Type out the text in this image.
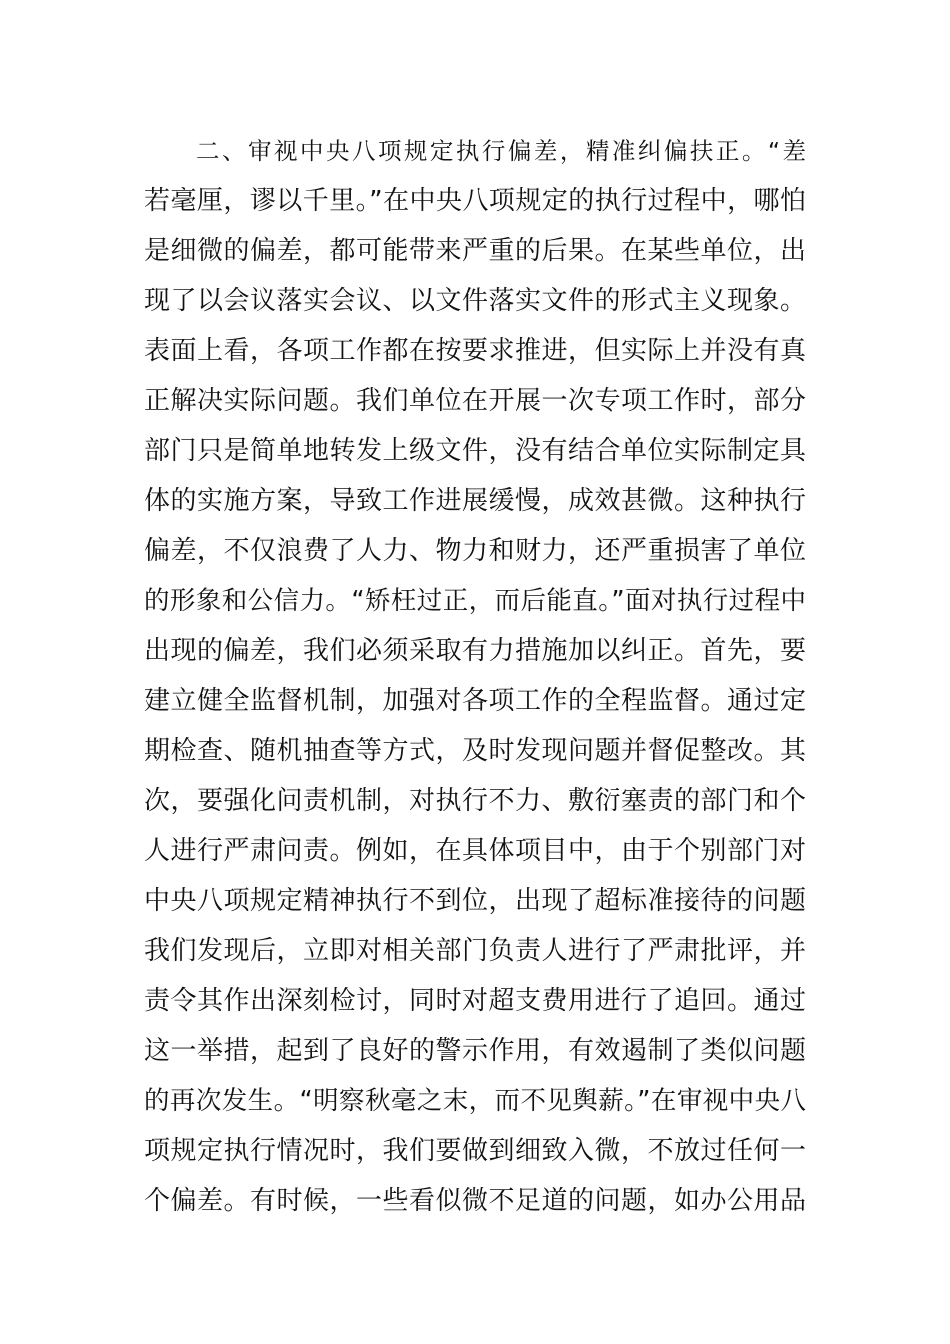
二、审视中央八项规定执行偏差，精准纠偏扶正。“差
若毫厘，谬以千里。”在中央八项规定的执行过程中，哪怕
是细微的偏差，都可能带来严重的后果。在某些单位，出
现了以会议落实会议、以文件落实文件的形式主义现象。
表面上看，各项工作都在按要求推进，但实际上并没有真
正解决实际问题。我们单位在开展一次专项工作时，部分
部门只是简单地转发上级文件，没有结合单位实际制定具
体的实施方案，导致工作进展缓慢，成效甚微。这种执行
偏差，不仅浪费了人力、物力和财力，还严重损害了单位
的形象和公信力。“矫枉过正，而后能直。”面对执行过程中
出现的偏差，我们必须采取有力措施加以纠正。首先，要
建立健全监督机制，加强对各项工作的全程监督。通过定
期检查、随机抽查等方式，及时发现问题并督促整改。其
次，要强化问责机制，对执行不力、敷衍塞责的部门和个
人进行严肃问责。例如，在具体项目中，由于个别部门对
中央八项规定精神执行不到位，出现了超标准接待的问题
我们发现后，立即对相关部门负责人进行了严肃批评，并
责令其作出深刻检讨，同时对超支费用进行了追回。通过
这一举措，起到了良好的警示作用，有效遏制了类似问题
的再次发生。“明察秋毫之末，而不见舆薪。”在审视中央八
项规定执行情况时，我们要做到细致入微，不放过任何一
个偏差。有时候，一些看似微不足道的问题，如办公用品
